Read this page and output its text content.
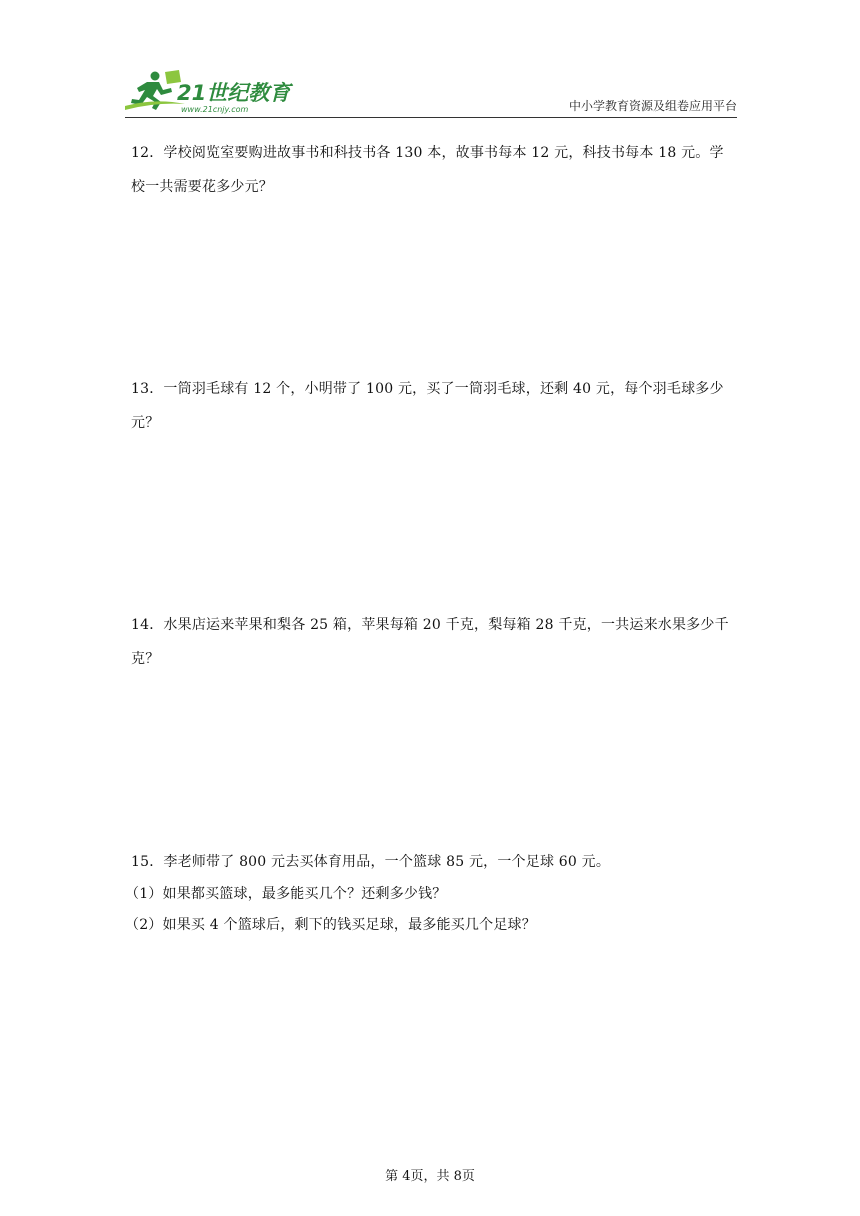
21世纪教育
www.21cnjy.com	中小学教育资源及组卷应用平台

12．学校阅览室要购进故事书和科技书各 130 本，故事书每本 12 元，科技书每本 18 元。学校一共需要花多少元？

13．一筒羽毛球有 12 个，小明带了 100 元，买了一筒羽毛球，还剩 40 元，每个羽毛球多少元？

14．水果店运来苹果和梨各 25 箱，苹果每箱 20 千克，梨每箱 28 千克，一共运来水果多少千克？

15．李老师带了 800 元去买体育用品，一个篮球 85 元，一个足球 60 元。

（1）如果都买篮球，最多能买几个？还剩多少钱？

（2）如果买 4 个篮球后，剩下的钱买足球，最多能买几个足球？

第 4页，共 8页
